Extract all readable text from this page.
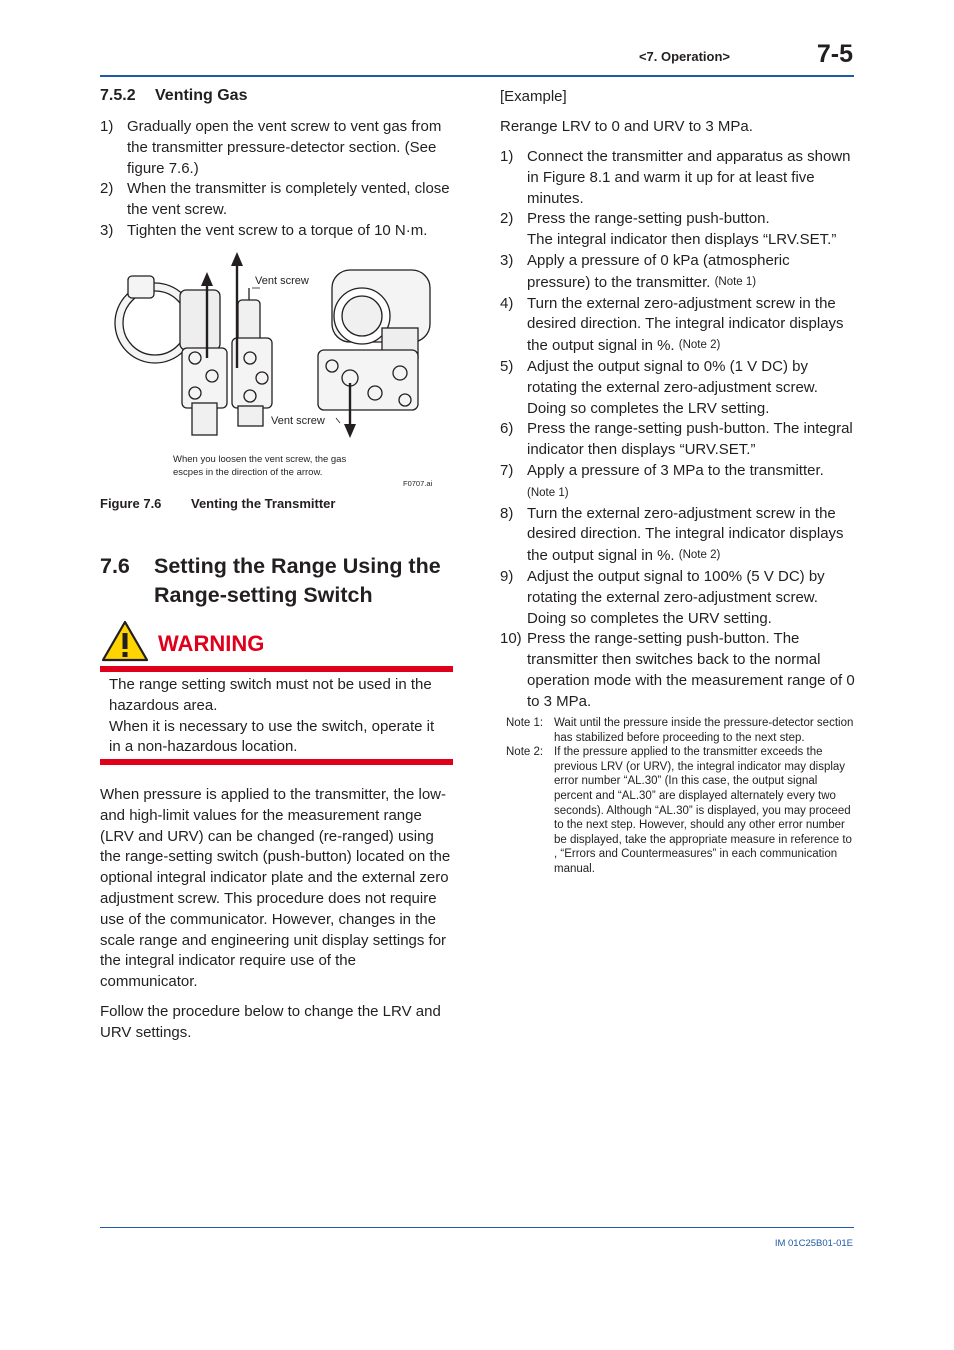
<7. Operation>	7-5
7.5.2 Venting Gas
1) Gradually open the vent screw to vent gas from the transmitter pressure-detector section. (See figure 7.6.)
2) When the transmitter is completely vented, close the vent screw.
3) Tighten the vent screw to a torque of 10 N·m.
Vent screw
Vent screw
When you loosen the vent screw, the gas
escpes in the direction of the arrow.
F0707.ai
Figure 7.6 Venting the Transmitter
7.6 Setting the Range Using the Range-setting Switch
WARNING
The range setting switch must not be used in the hazardous area.
When it is necessary to use the switch, operate it in a non-hazardous location.
When pressure is applied to the transmitter, the low- and high-limit values for the measurement range (LRV and URV) can be changed (re-ranged) using the range-setting switch (push-button) located on the optional integral indicator plate and the external zero adjustment screw. This procedure does not require use of the communicator. However, changes in the scale range and engineering unit display settings for the integral indicator require use of the communicator.
Follow the procedure below to change the LRV and URV settings.
[Example]
Rerange LRV to 0 and URV to 3 MPa.
1) Connect the transmitter and apparatus as shown in Figure 8.1 and warm it up for at least five minutes.
2) Press the range-setting push-button.
The integral indicator then displays “LRV.SET.”
3) Apply a pressure of 0 kPa (atmospheric pressure) to the transmitter. (Note 1)
4) Turn the external zero-adjustment screw in the desired direction. The integral indicator displays the output signal in %. (Note 2)
5) Adjust the output signal to 0% (1 V DC) by rotating the external zero-adjustment screw. Doing so completes the LRV setting.
6) Press the range-setting push-button. The integral indicator then displays “URV.SET.”
7) Apply a pressure of 3 MPa to the transmitter.
(Note 1)
8) Turn the external zero-adjustment screw in the desired direction. The integral indicator displays the output signal in %. (Note 2)
9) Adjust the output signal to 100% (5 V DC) by rotating the external zero-adjustment screw. Doing so completes the URV setting.
10) Press the range-setting push-button. The transmitter then switches back to the normal operation mode with the measurement range of 0 to 3 MPa.
Note 1: Wait until the pressure inside the pressure-detector section has stabilized before proceeding to the next step.
Note 2: If the pressure applied to the transmitter exceeds the previous LRV (or URV), the integral indicator may display error number “AL.30” (In this case, the output signal percent and “AL.30” are displayed alternately every two seconds). Although “AL.30” is displayed, you may proceed to the next step. However, should any other error number be displayed, take the appropriate measure in reference to , “Errors and Countermeasures” in each communication manual.
IM 01C25B01-01E
